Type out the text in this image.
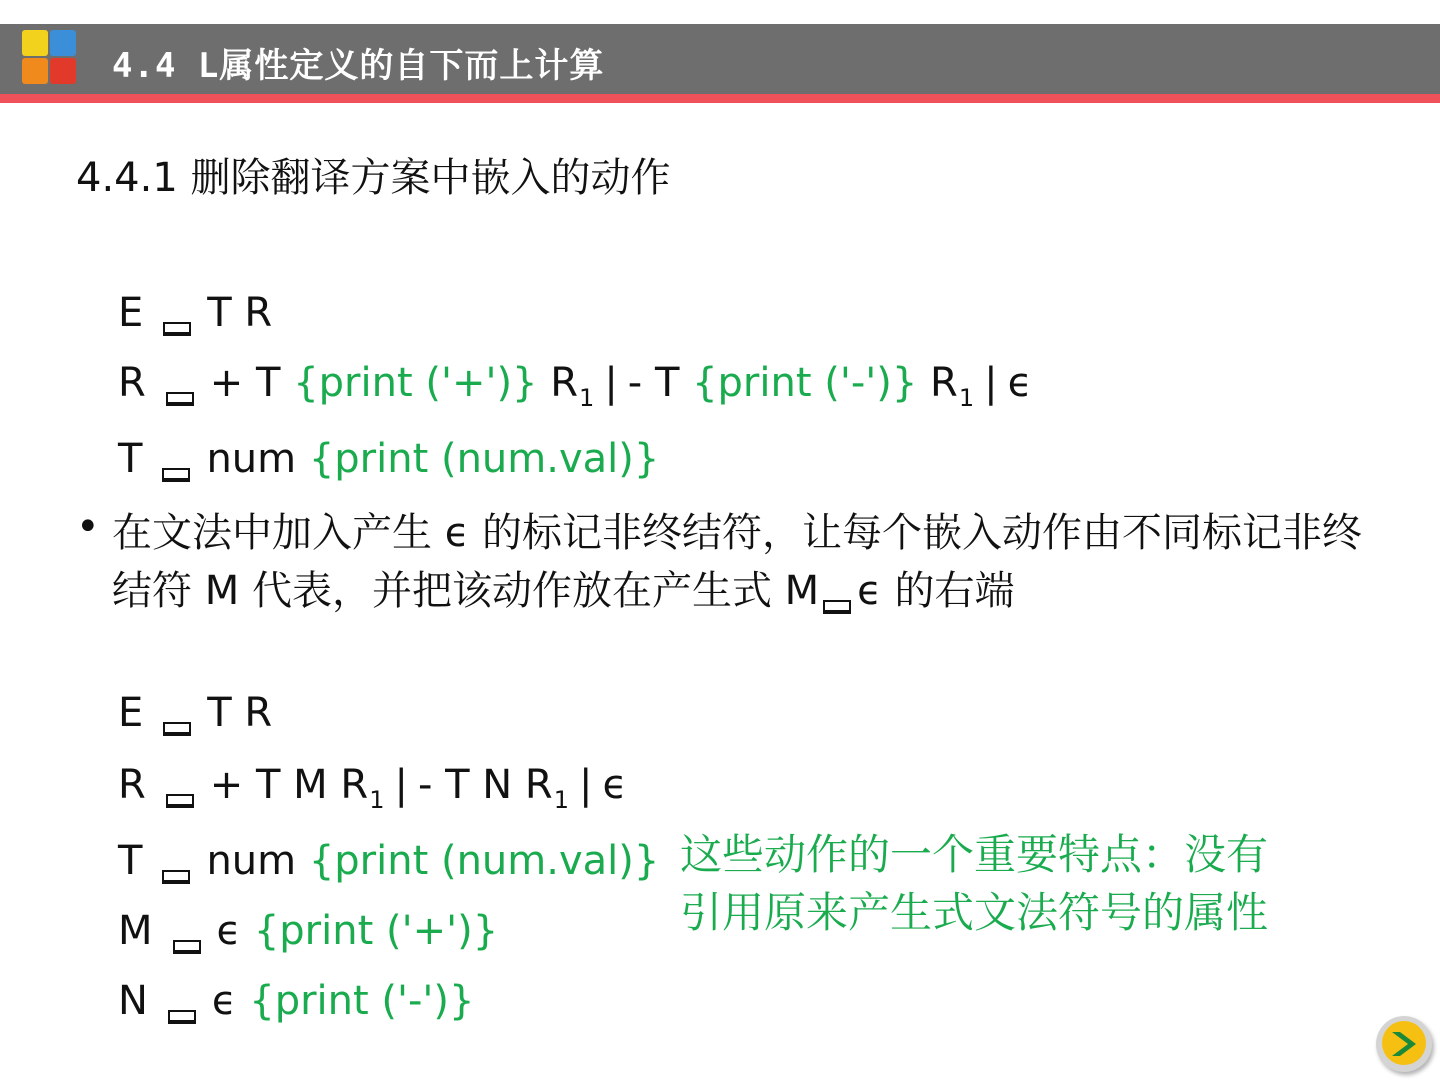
4.4 L属性定义的自下而上计算
4.4.1 删除翻译方案中嵌入的动作
E T R
R + T {print ('+')} $R_1$ | - T {print ('-')} $R_1$ | ϵ
T num {print (num.val)}
• 在文法中加入产生 ϵ 的标记非终结符，让每个嵌入动作由不同标记非终结符 M 代表，并把该动作放在产生式 M ϵ 的右端
E T R
R + T M $R_1$ | - T N $R_1$ | ϵ
T num {print (num.val)}
M ϵ {print ('+')}
N ϵ {print ('-')}
这些动作的一个重要特点：没有引用原来产生式文法符号的属性
